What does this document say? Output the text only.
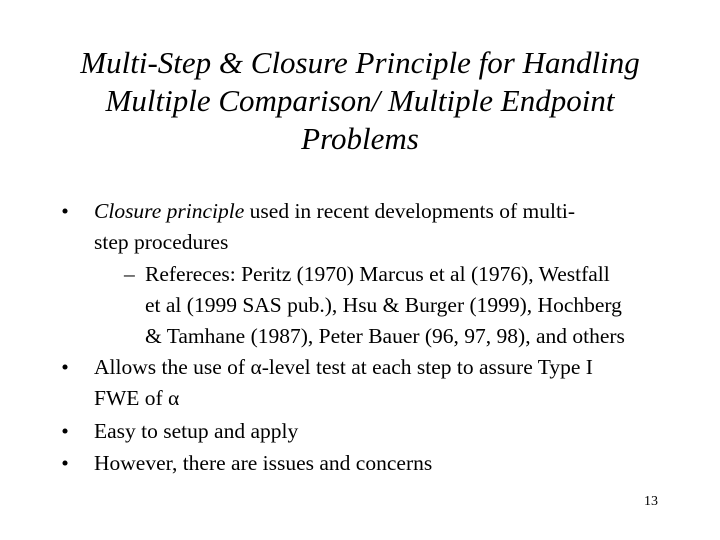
Multi-Step & Closure Principle for Handling
Multiple Comparison/ Multiple Endpoint
Problems
• Closure principle used in recent developments of multi-
step procedures
– Refereces: Peritz (1970) Marcus et al (1976), Westfall
et al (1999 SAS pub.), Hsu & Burger (1999), Hochberg
& Tamhane (1987), Peter Bauer (96, 97, 98), and others
• Allows the use of α-level test at each step to assure Type I
FWE of α
• Easy to setup and apply
• However, there are issues and concerns
13
